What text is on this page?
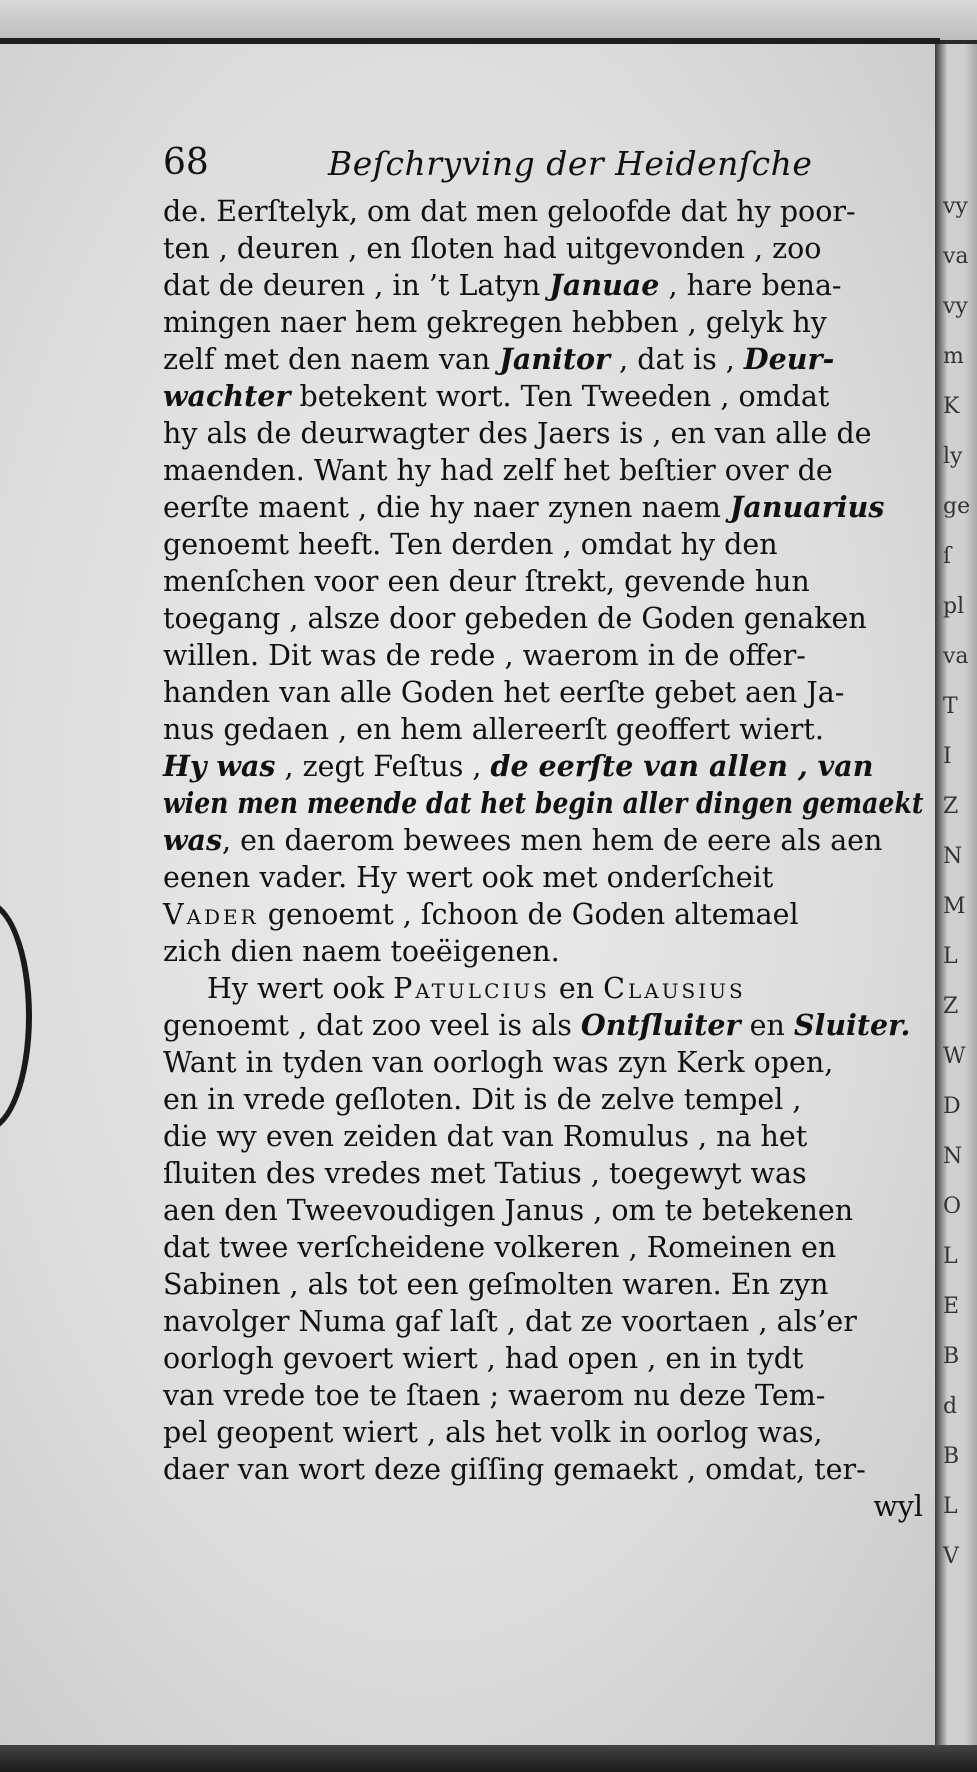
vy
va
vy
m
K
ly
ge
ſ
pl
va
T
I
Z
N
M
L
Z
W
D
N
O
L
E
B
d
B
L
V
68	Beſchryving der Heidenſche
de. Eerſtelyk, om dat men geloofde dat hy poor-
ten , deuren , en ſloten had uitgevonden , zoo
dat de deuren , in ’t Latyn Januae , hare bena-
mingen naer hem gekregen hebben , gelyk hy
zelf met den naem van Janitor , dat is , Deur-
wachter betekent wort. Ten Tweeden , omdat
hy als de deurwagter des Jaers is , en van alle de
maenden. Want hy had zelf het beſtier over de
eerſte maent , die hy naer zynen naem Januarius
genoemt heeft. Ten derden , omdat hy den
menſchen voor een deur ſtrekt, gevende hun
toegang , alsze door gebeden de Goden genaken
willen. Dit was de rede , waerom in de offer-
handen van alle Goden het eerſte gebet aen Ja-
nus gedaen , en hem allereerſt geoffert wiert.
Hy was , zegt Feſtus , de eerſte van allen , van
wien men meende dat het begin aller dingen gemaekt
was, en daerom bewees men hem de eere als aen
eenen vader. Hy wert ook met onderſcheit
Vader genoemt , ſchoon de Goden altemael
zich dien naem toeëigenen.
Hy wert ook Patulcius en Clausius
genoemt , dat zoo veel is als Ontſluiter en Sluiter.
Want in tyden van oorlogh was zyn Kerk open,
en in vrede geſloten. Dit is de zelve tempel ,
die wy even zeiden dat van Romulus , na het
ſluiten des vredes met Tatius , toegewyt was
aen den Tweevoudigen Janus , om te betekenen
dat twee verſcheidene volkeren , Romeinen en
Sabinen , als tot een geſmolten waren. En zyn
navolger Numa gaf laſt , dat ze voortaen , als’er
oorlogh gevoert wiert , had open , en in tydt
van vrede toe te ſtaen ; waerom nu deze Tem-
pel geopent wiert , als het volk in oorlog was,
daer van wort deze giſſing gemaekt , omdat, ter-
wyl
